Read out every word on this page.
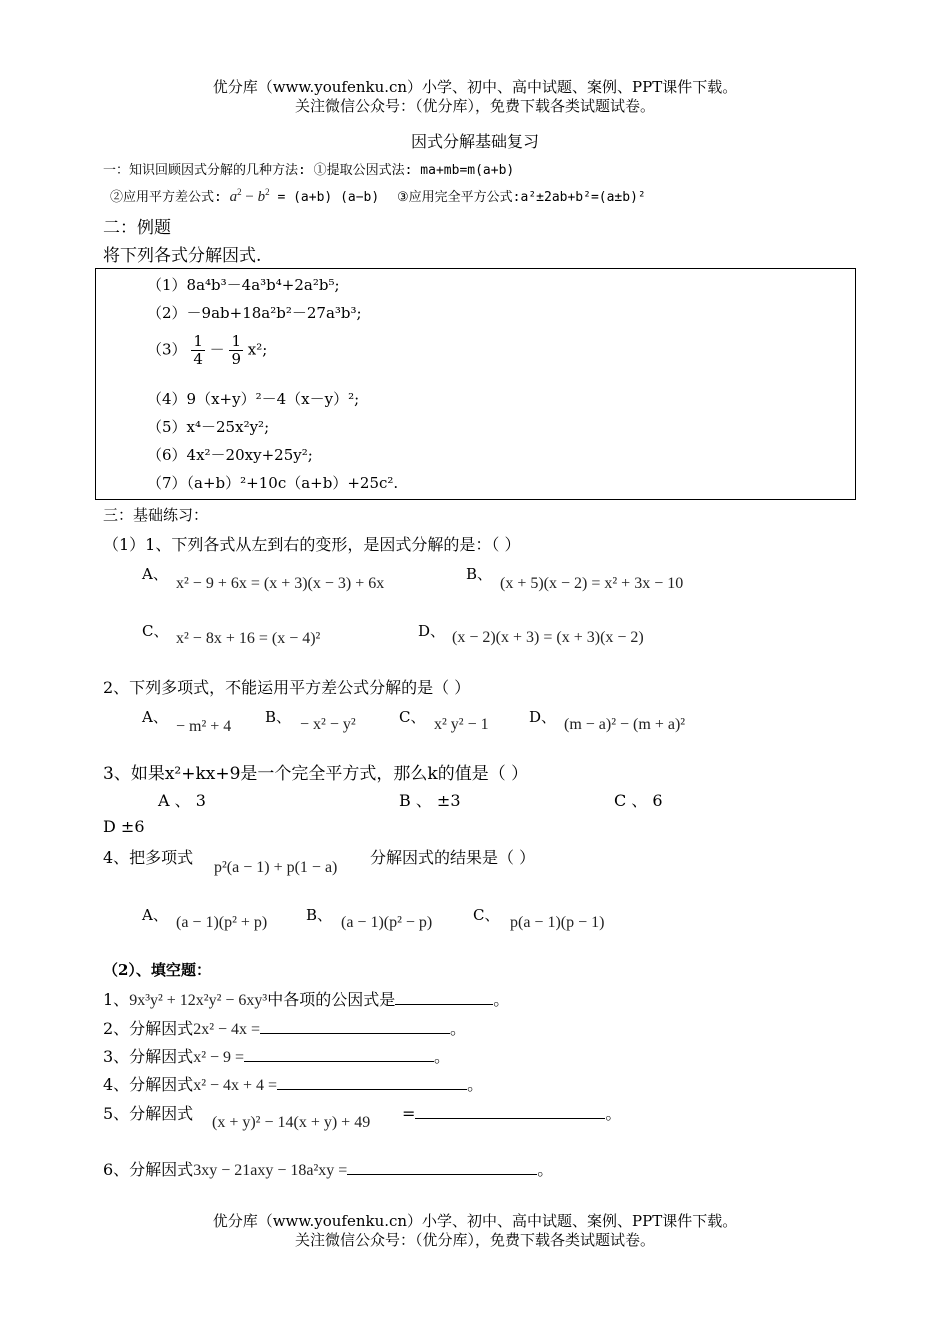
优分库（www.youfenku.cn）小学、初中、高中试题、案例、PPT课件下载。
关注微信公众号：（优分库），免费下载各类试题试卷。
因式分解基础复习
一：知识回顾因式分解的几种方法: ①提取公因式法: ma+mb=m(a+b)
②应用平方差公式: $a^2 - b^2 = (a+b)$ (a−b) ③应用完全平方公式:a²±2ab+b²=(a±b)²
二：例题
将下列各式分解因式.
（1）8a⁴b³－4a³b⁴+2a²b⁵;
（2）－9ab+18a²b²－27a³b³;
$(3) \frac{1}{4} - \frac{1}{9} x^2$;
（4）9（x+y）²－4（x－y）²;
（5）x⁴－25x²y²;
（6）4x²－20xy+25y²;
（7）（a+b）²+10c（a+b）+25c².
三：基础练习：
（1）1、下列各式从左到右的变形，是因式分解的是：（ ）
A、
x² − 9 + 6x = (x + 3)(x − 3) + 6x
B、
(x + 5)(x − 2) = x² + 3x − 10
C、 x² − 8x + 16 = (x − 4)²	D、 (x − 2)(x + 3) = (x + 3)(x − 2)
2、下列多项式，不能运用平方差公式分解的是（ ）
A、
− m² + 4
B、 − x² − y²	C、 x² y² − 1	D、 (m − a)² − (m + a)²
3、如果x²+kx+9是一个完全平方式，那么k的值是（ ）
A 、 3	B 、 ±3	C 、 6
D ±6
4、把多项式
p²(a − 1) + p(1 − a)
分解因式的结果是（ ）
A、 (a − 1)(p² + p)	B、 (a − 1)(p² − p)	C、 p(a − 1)(p − 1)
（2）、填空题：
1、9x³y² + 12x²y² − 6xy³中各项的公因式是	。
2、分解因式2x² − 4x =	。
3、分解因式x² − 9 =	。
4、分解因式x² − 4x + 4 =	。
5、分解因式 (x + y)² − 14(x + y) + 49 =	。
6、分解因式3xy − 21axy − 18a²xy =	。
优分库（www.youfenku.cn）小学、初中、高中试题、案例、PPT课件下载。
关注微信公众号：（优分库），免费下载各类试题试卷。
